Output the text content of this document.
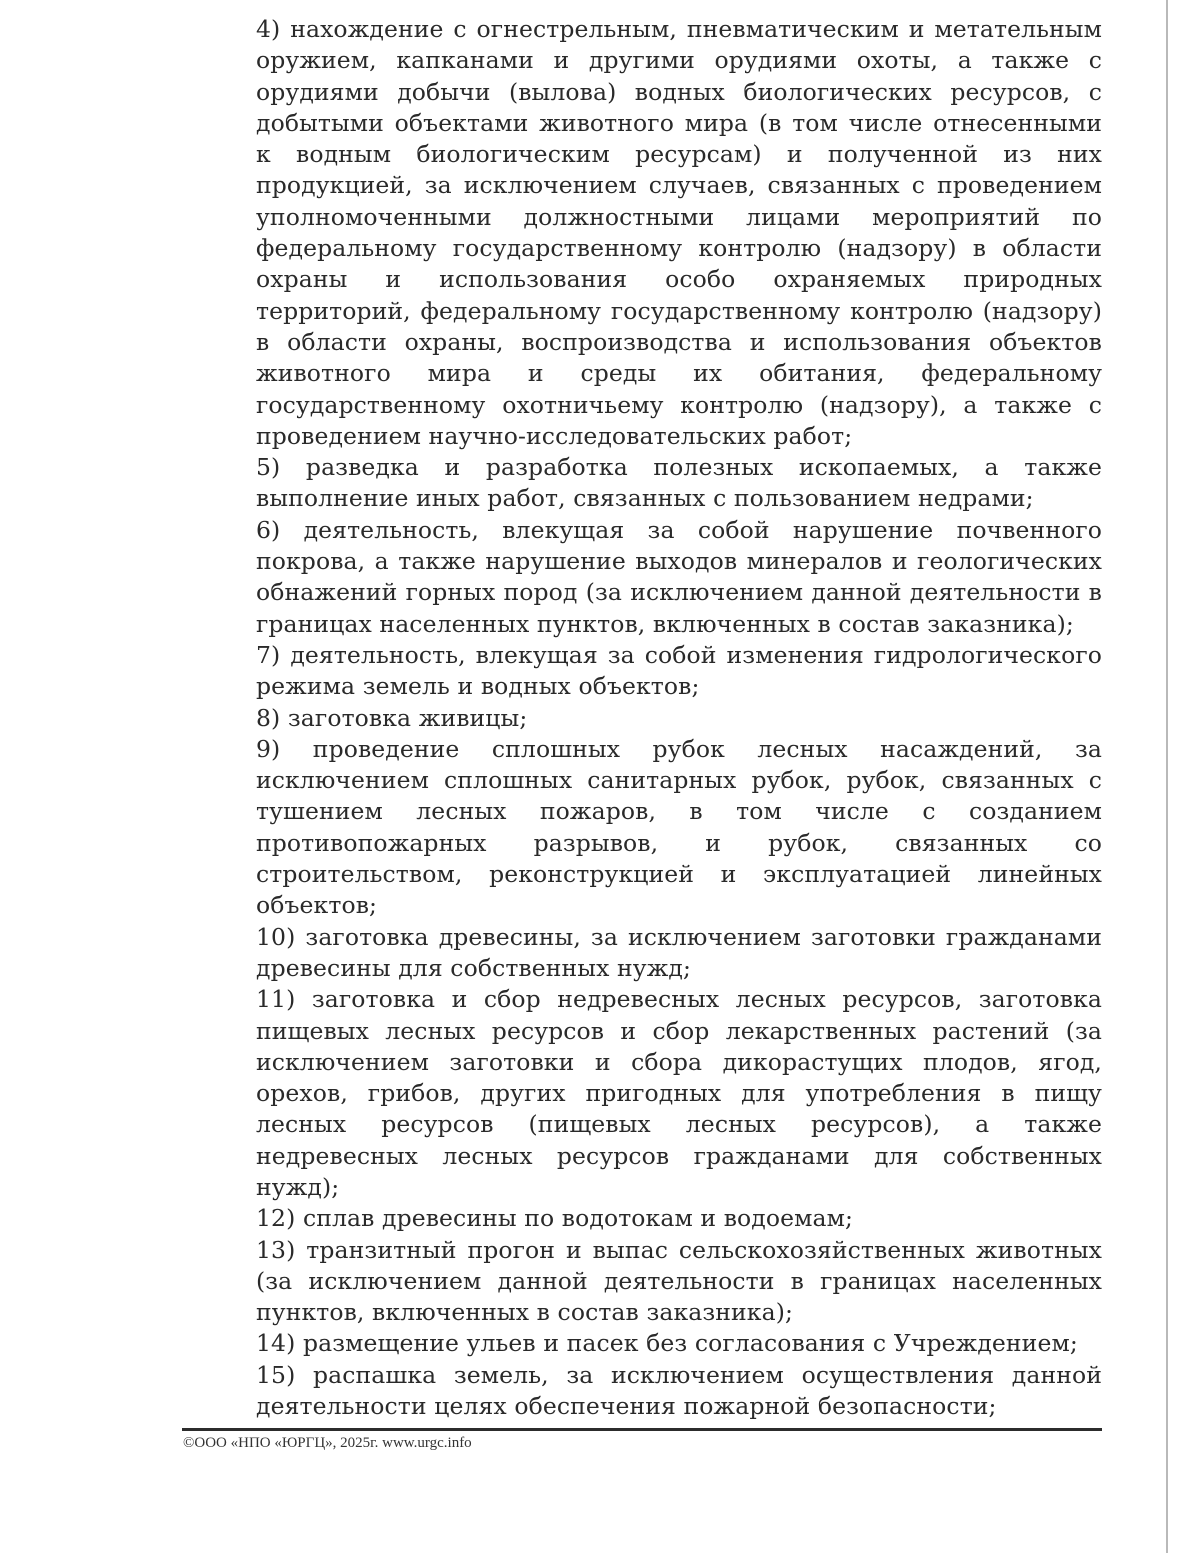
4) нахождение с огнестрельным, пневматическим и метательным оружием, капканами и другими орудиями охоты, а также с орудиями добычи (вылова) водных биологических ресурсов, с добытыми объектами животного мира (в том числе отнесенными к водным биологическим ресурсам) и полученной из них продукцией, за исключением случаев, связанных с проведением уполномоченными должностными лицами мероприятий по федеральному государственному контролю (надзору) в области охраны и использования особо охраняемых природных территорий, федеральному государственному контролю (надзору) в области охраны, воспроизводства и использования объектов животного мира и среды их обитания, федеральному государственному охотничьему контролю (надзору), а также с проведением научно-исследовательских работ;

5) разведка и разработка полезных ископаемых, а также выполнение иных работ, связанных с пользованием недрами;

6) деятельность, влекущая за собой нарушение почвенного покрова, а также нарушение выходов минералов и геологических обнажений горных пород (за исключением данной деятельности в границах населенных пунктов, включенных в состав заказника);

7) деятельность, влекущая за собой изменения гидрологического режима земель и водных объектов;

8) заготовка живицы;

9) проведение сплошных рубок лесных насаждений, за исключением сплошных санитарных рубок, рубок, связанных с тушением лесных пожаров, в том числе с созданием противопожарных разрывов, и рубок, связанных со строительством, реконструкцией и эксплуатацией линейных объектов;

10) заготовка древесины, за исключением заготовки гражданами древесины для собственных нужд;

11) заготовка и сбор недревесных лесных ресурсов, заготовка пищевых лесных ресурсов и сбор лекарственных растений (за исключением заготовки и сбора дикорастущих плодов, ягод, орехов, грибов, других пригодных для употребления в пищу лесных ресурсов (пищевых лесных ресурсов), а также недревесных лесных ресурсов гражданами для собственных нужд);

12) сплав древесины по водотокам и водоемам;

13) транзитный прогон и выпас сельскохозяйственных животных (за исключением данной деятельности в границах населенных пунктов, включенных в состав заказника);

14) размещение ульев и пасек без согласования с Учреждением;

15) распашка земель, за исключением осуществления данной деятельности целях обеспечения пожарной безопасности;

©ООО «НПО «ЮРГЦ», 2025г. www.urgc.info
